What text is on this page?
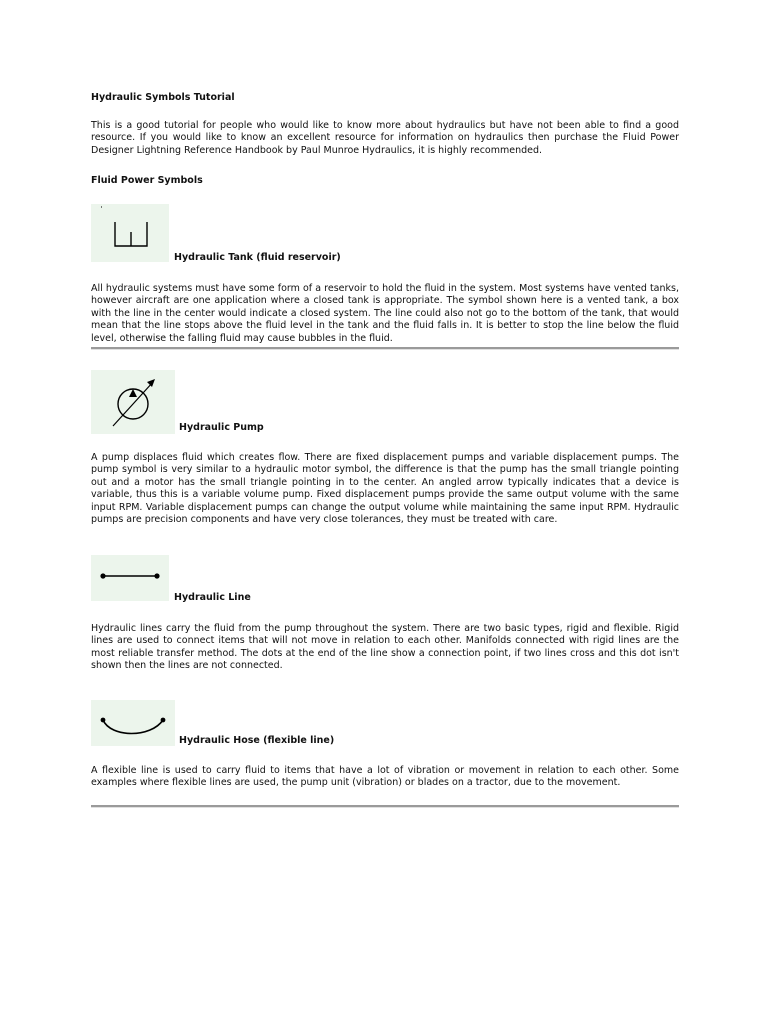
Hydraulic Symbols Tutorial

This is a good tutorial for people who would like to know more about hydraulics but have not been able to find a good resource. If you would like to know an excellent resource for information on hydraulics then purchase the Fluid Power Designer Lightning Reference Handbook by Paul Munroe Hydraulics, it is highly recommended.

Fluid Power Symbols
Hydraulic Tank (fluid reservoir)

All hydraulic systems must have some form of a reservoir to hold the fluid in the system. Most systems have vented tanks, however aircraft are one application where a closed tank is appropriate. The symbol shown here is a vented tank, a box with the line in the center would indicate a closed system. The line could also not go to the bottom of the tank, that would mean that the line stops above the fluid level in the tank and the fluid falls in. It is better to stop the line below the fluid level, otherwise the falling fluid may cause bubbles in the fluid.

Hydraulic Pump

A pump displaces fluid which creates flow. There are fixed displacement pumps and variable displacement pumps. The pump symbol is very similar to a hydraulic motor symbol, the difference is that the pump has the small triangle pointing out and a motor has the small triangle pointing in to the center. An angled arrow typically indicates that a device is variable, thus this is a variable volume pump. Fixed displacement pumps provide the same output volume with the same input RPM. Variable displacement pumps can change the output volume while maintaining the same input RPM. Hydraulic pumps are precision components and have very close tolerances, they must be treated with care.

Hydraulic Line

Hydraulic lines carry the fluid from the pump throughout the system. There are two basic types, rigid and flexible. Rigid lines are used to connect items that will not move in relation to each other. Manifolds connected with rigid lines are the most reliable transfer method. The dots at the end of the line show a connection point, if two lines cross and this dot isn't shown then the lines are not connected.

Hydraulic Hose (flexible line)

A flexible line is used to carry fluid to items that have a lot of vibration or movement in relation to each other. Some examples where flexible lines are used, the pump unit (vibration) or blades on a tractor, due to the movement.
